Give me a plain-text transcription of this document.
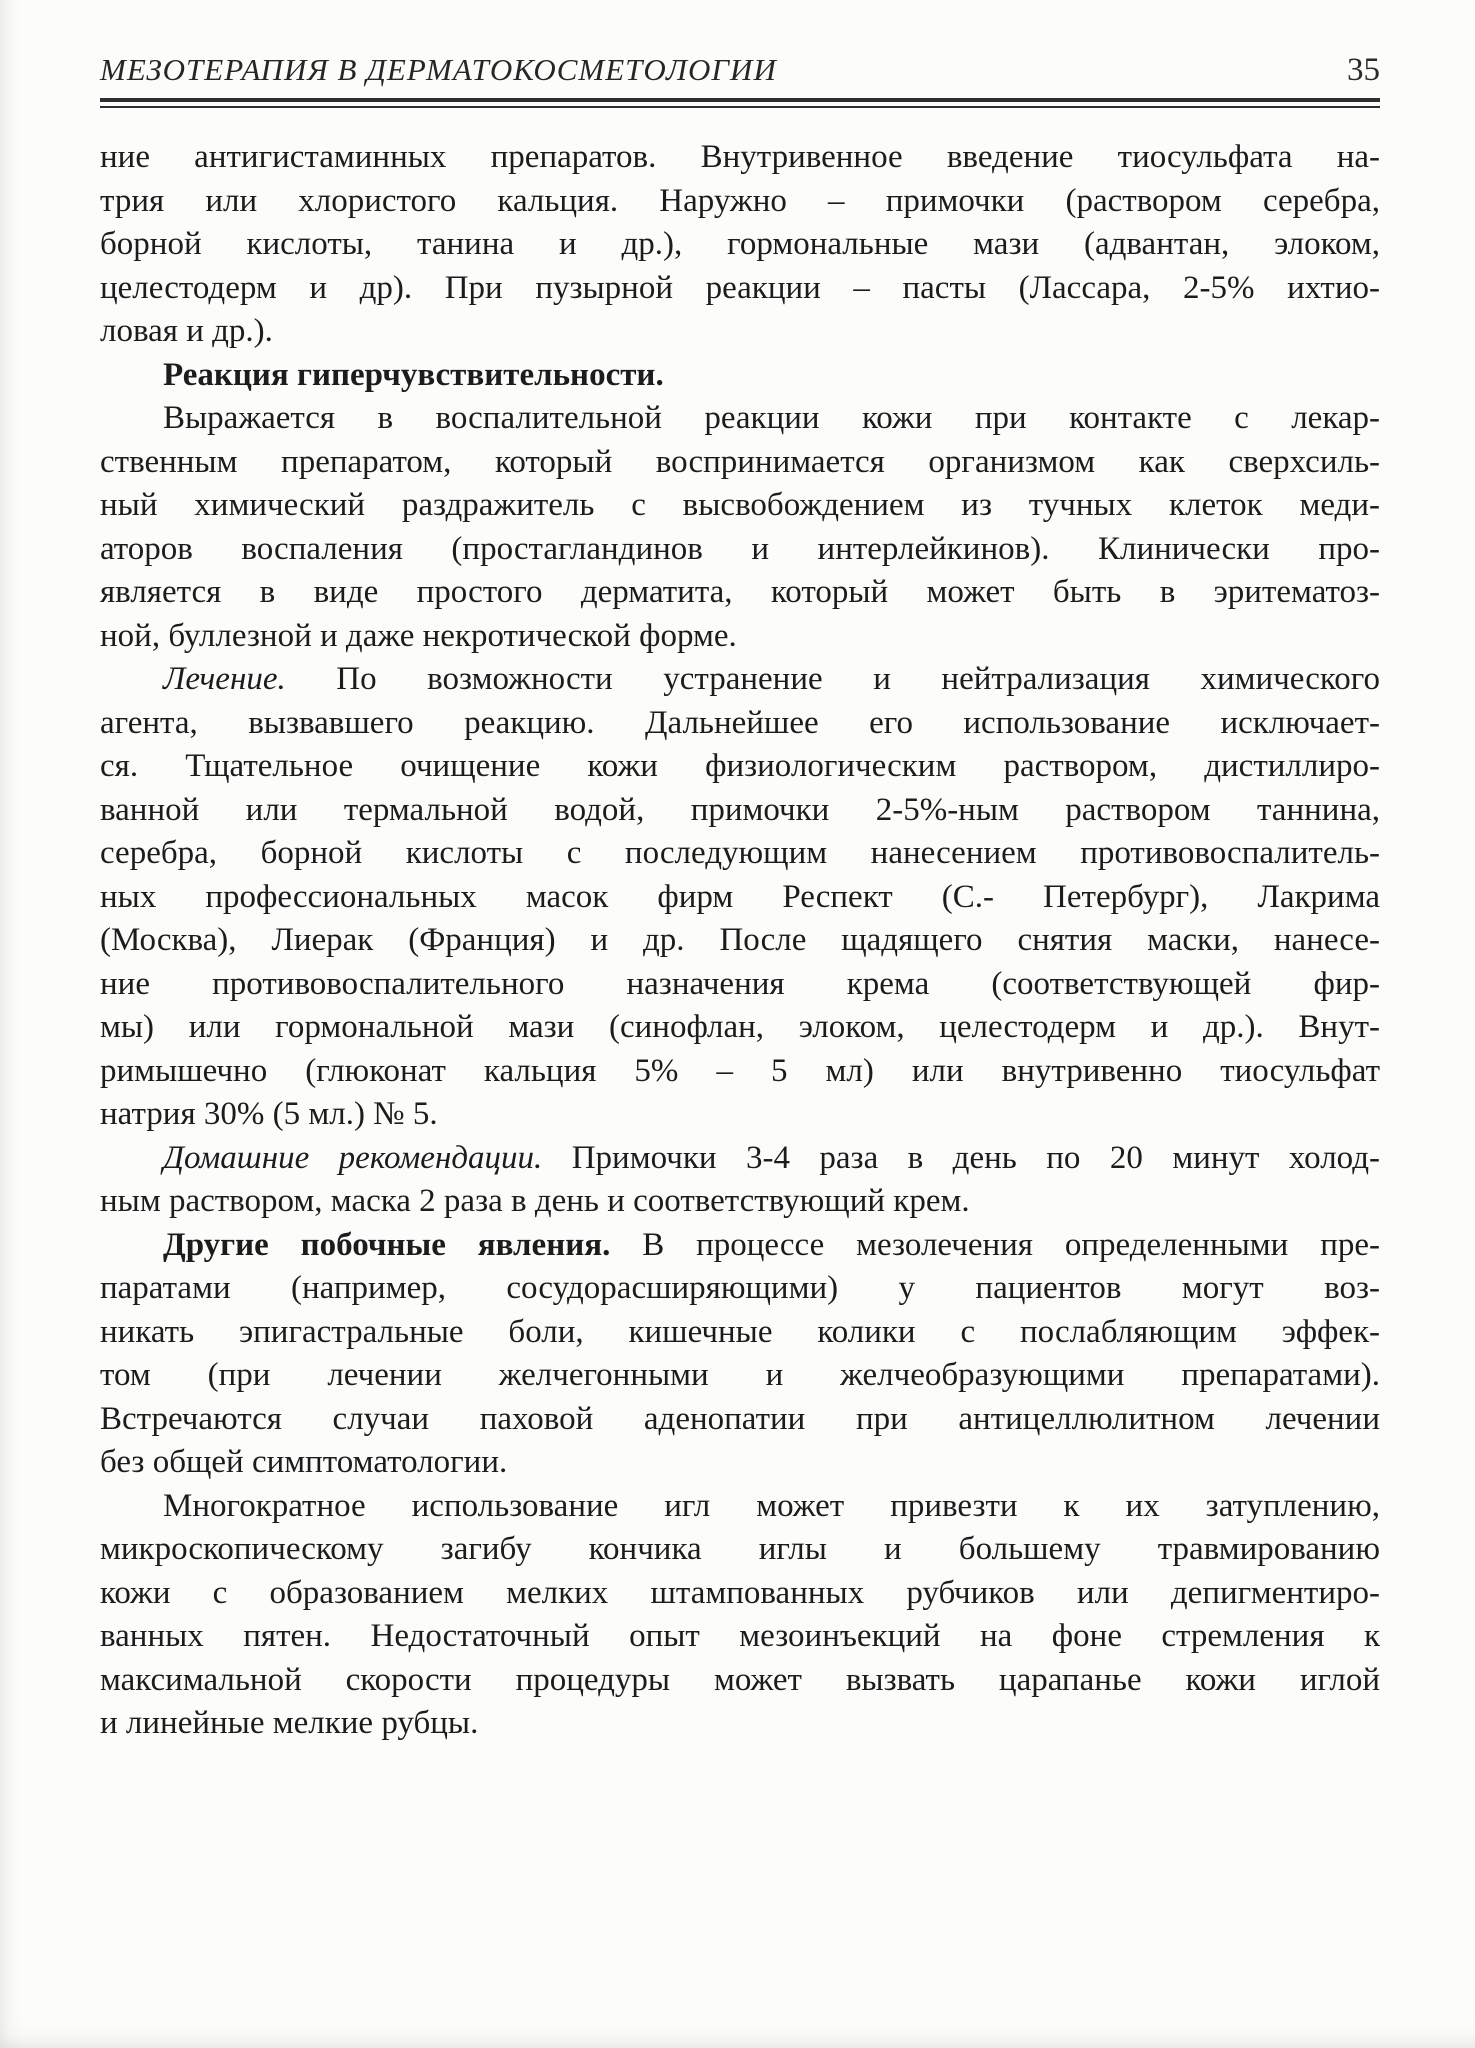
МЕЗОТЕРАПИЯ В ДЕРМАТОКОСМЕТОЛОГИИ	35
ние антигистаминных препаратов. Внутривенное введение тиосульфата на-
трия или хлористого кальция. Наружно – примочки (раствором серебра,
борной кислоты, танина и др.), гормональные мази (адвантан, элоком,
целестодерм и др). При пузырной реакции – пасты (Лассара, 2-5% ихтио-
ловая и др.).
Реакция гиперчувствительности.
Выражается в воспалительной реакции кожи при контакте с лекар-
ственным препаратом, который воспринимается организмом как сверхсиль-
ный химический раздражитель с высвобождением из тучных клеток меди-
аторов воспаления (простагландинов и интерлейкинов). Клинически про-
является в виде простого дерматита, который может быть в эритематоз-
ной, буллезной и даже некротической форме.
Лечение. По возможности устранение и нейтрализация химического
агента, вызвавшего реакцию. Дальнейшее его использование исключает-
ся. Тщательное очищение кожи физиологическим раствором, дистиллиро-
ванной или термальной водой, примочки 2-5%-ным раствором таннина,
серебра, борной кислоты с последующим нанесением противовоспалитель-
ных профессиональных масок фирм Респект (С.- Петербург), Лакрима
(Москва), Лиерак (Франция) и др. После щадящего снятия маски, нанесе-
ние противовоспалительного назначения крема (соответствующей фир-
мы) или гормональной мази (синофлан, элоком, целестодерм и др.). Внут-
римышечно (глюконат кальция 5% – 5 мл) или внутривенно тиосульфат
натрия 30% (5 мл.) № 5.
Домашние рекомендации. Примочки 3-4 раза в день по 20 минут холод-
ным раствором, маска 2 раза в день и соответствующий крем.
Другие побочные явления. В процессе мезолечения определенными пре-
паратами (например, сосудорасширяющими) у пациентов могут воз-
никать эпигастральные боли, кишечные колики с послабляющим эффек-
том (при лечении желчегонными и желчеобразующими препаратами).
Встречаются случаи паховой аденопатии при антицеллюлитном лечении
без общей симптоматологии.
Многократное использование игл может привезти к их затуплению,
микроскопическому загибу кончика иглы и большему травмированию
кожи с образованием мелких штампованных рубчиков или депигментиро-
ванных пятен. Недостаточный опыт мезоинъекций на фоне стремления к
максимальной скорости процедуры может вызвать царапанье кожи иглой
и линейные мелкие рубцы.
